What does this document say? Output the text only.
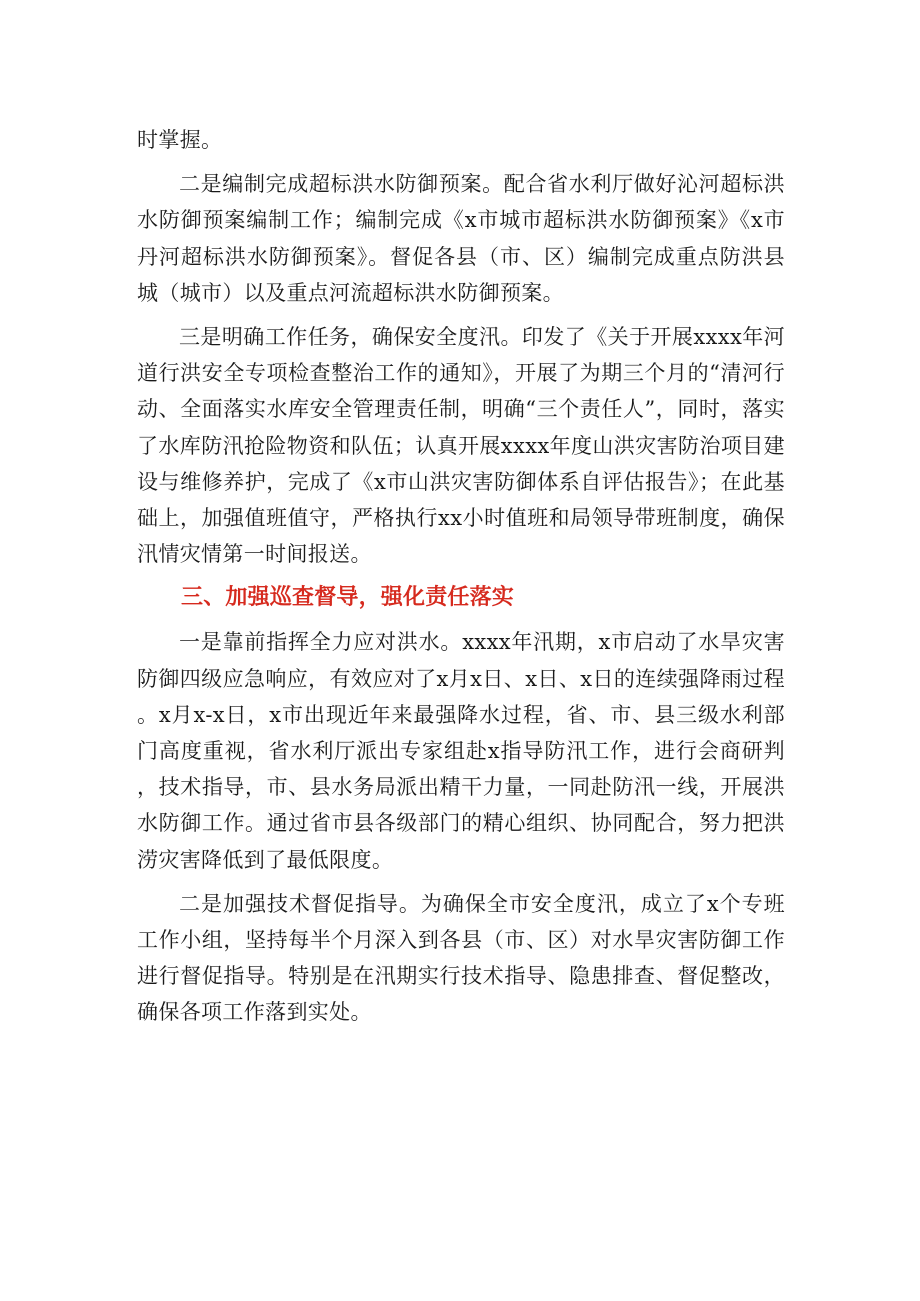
时掌握。

二是编制完成超标洪水防御预案。配合省水利厅做好沁河超标洪水防御预案编制工作；编制完成《x市城市超标洪水防御预案》《x市丹河超标洪水防御预案》。督促各县（市、区）编制完成重点防洪县城（城市）以及重点河流超标洪水防御预案。

三是明确工作任务，确保安全度汛。印发了《关于开展xxxx年河道行洪安全专项检查整治工作的通知》，开展了为期三个月的“清河行动、全面落实水库安全管理责任制，明确“三个责任人”，同时，落实了水库防汛抢险物资和队伍；认真开展xxxx年度山洪灾害防治项目建设与维修养护，完成了《x市山洪灾害防御体系自评估报告》；在此基础上，加强值班值守，严格执行xx小时值班和局领导带班制度，确保汛情灾情第一时间报送。

三、加强巡查督导，强化责任落实

一是靠前指挥全力应对洪水。xxxx年汛期，x市启动了水旱灾害防御四级应急响应，有效应对了x月x日、x日、x日的连续强降雨过程。x月x-x日，x市出现近年来最强降水过程，省、市、县三级水利部门高度重视，省水利厅派出专家组赴x指导防汛工作，进行会商研判，技术指导，市、县水务局派出精干力量，一同赴防汛一线，开展洪水防御工作。通过省市县各级部门的精心组织、协同配合，努力把洪涝灾害降低到了最低限度。

二是加强技术督促指导。为确保全市安全度汛，成立了x个专班工作小组，坚持每半个月深入到各县（市、区）对水旱灾害防御工作进行督促指导。特别是在汛期实行技术指导、隐患排查、督促整改，确保各项工作落到实处。
